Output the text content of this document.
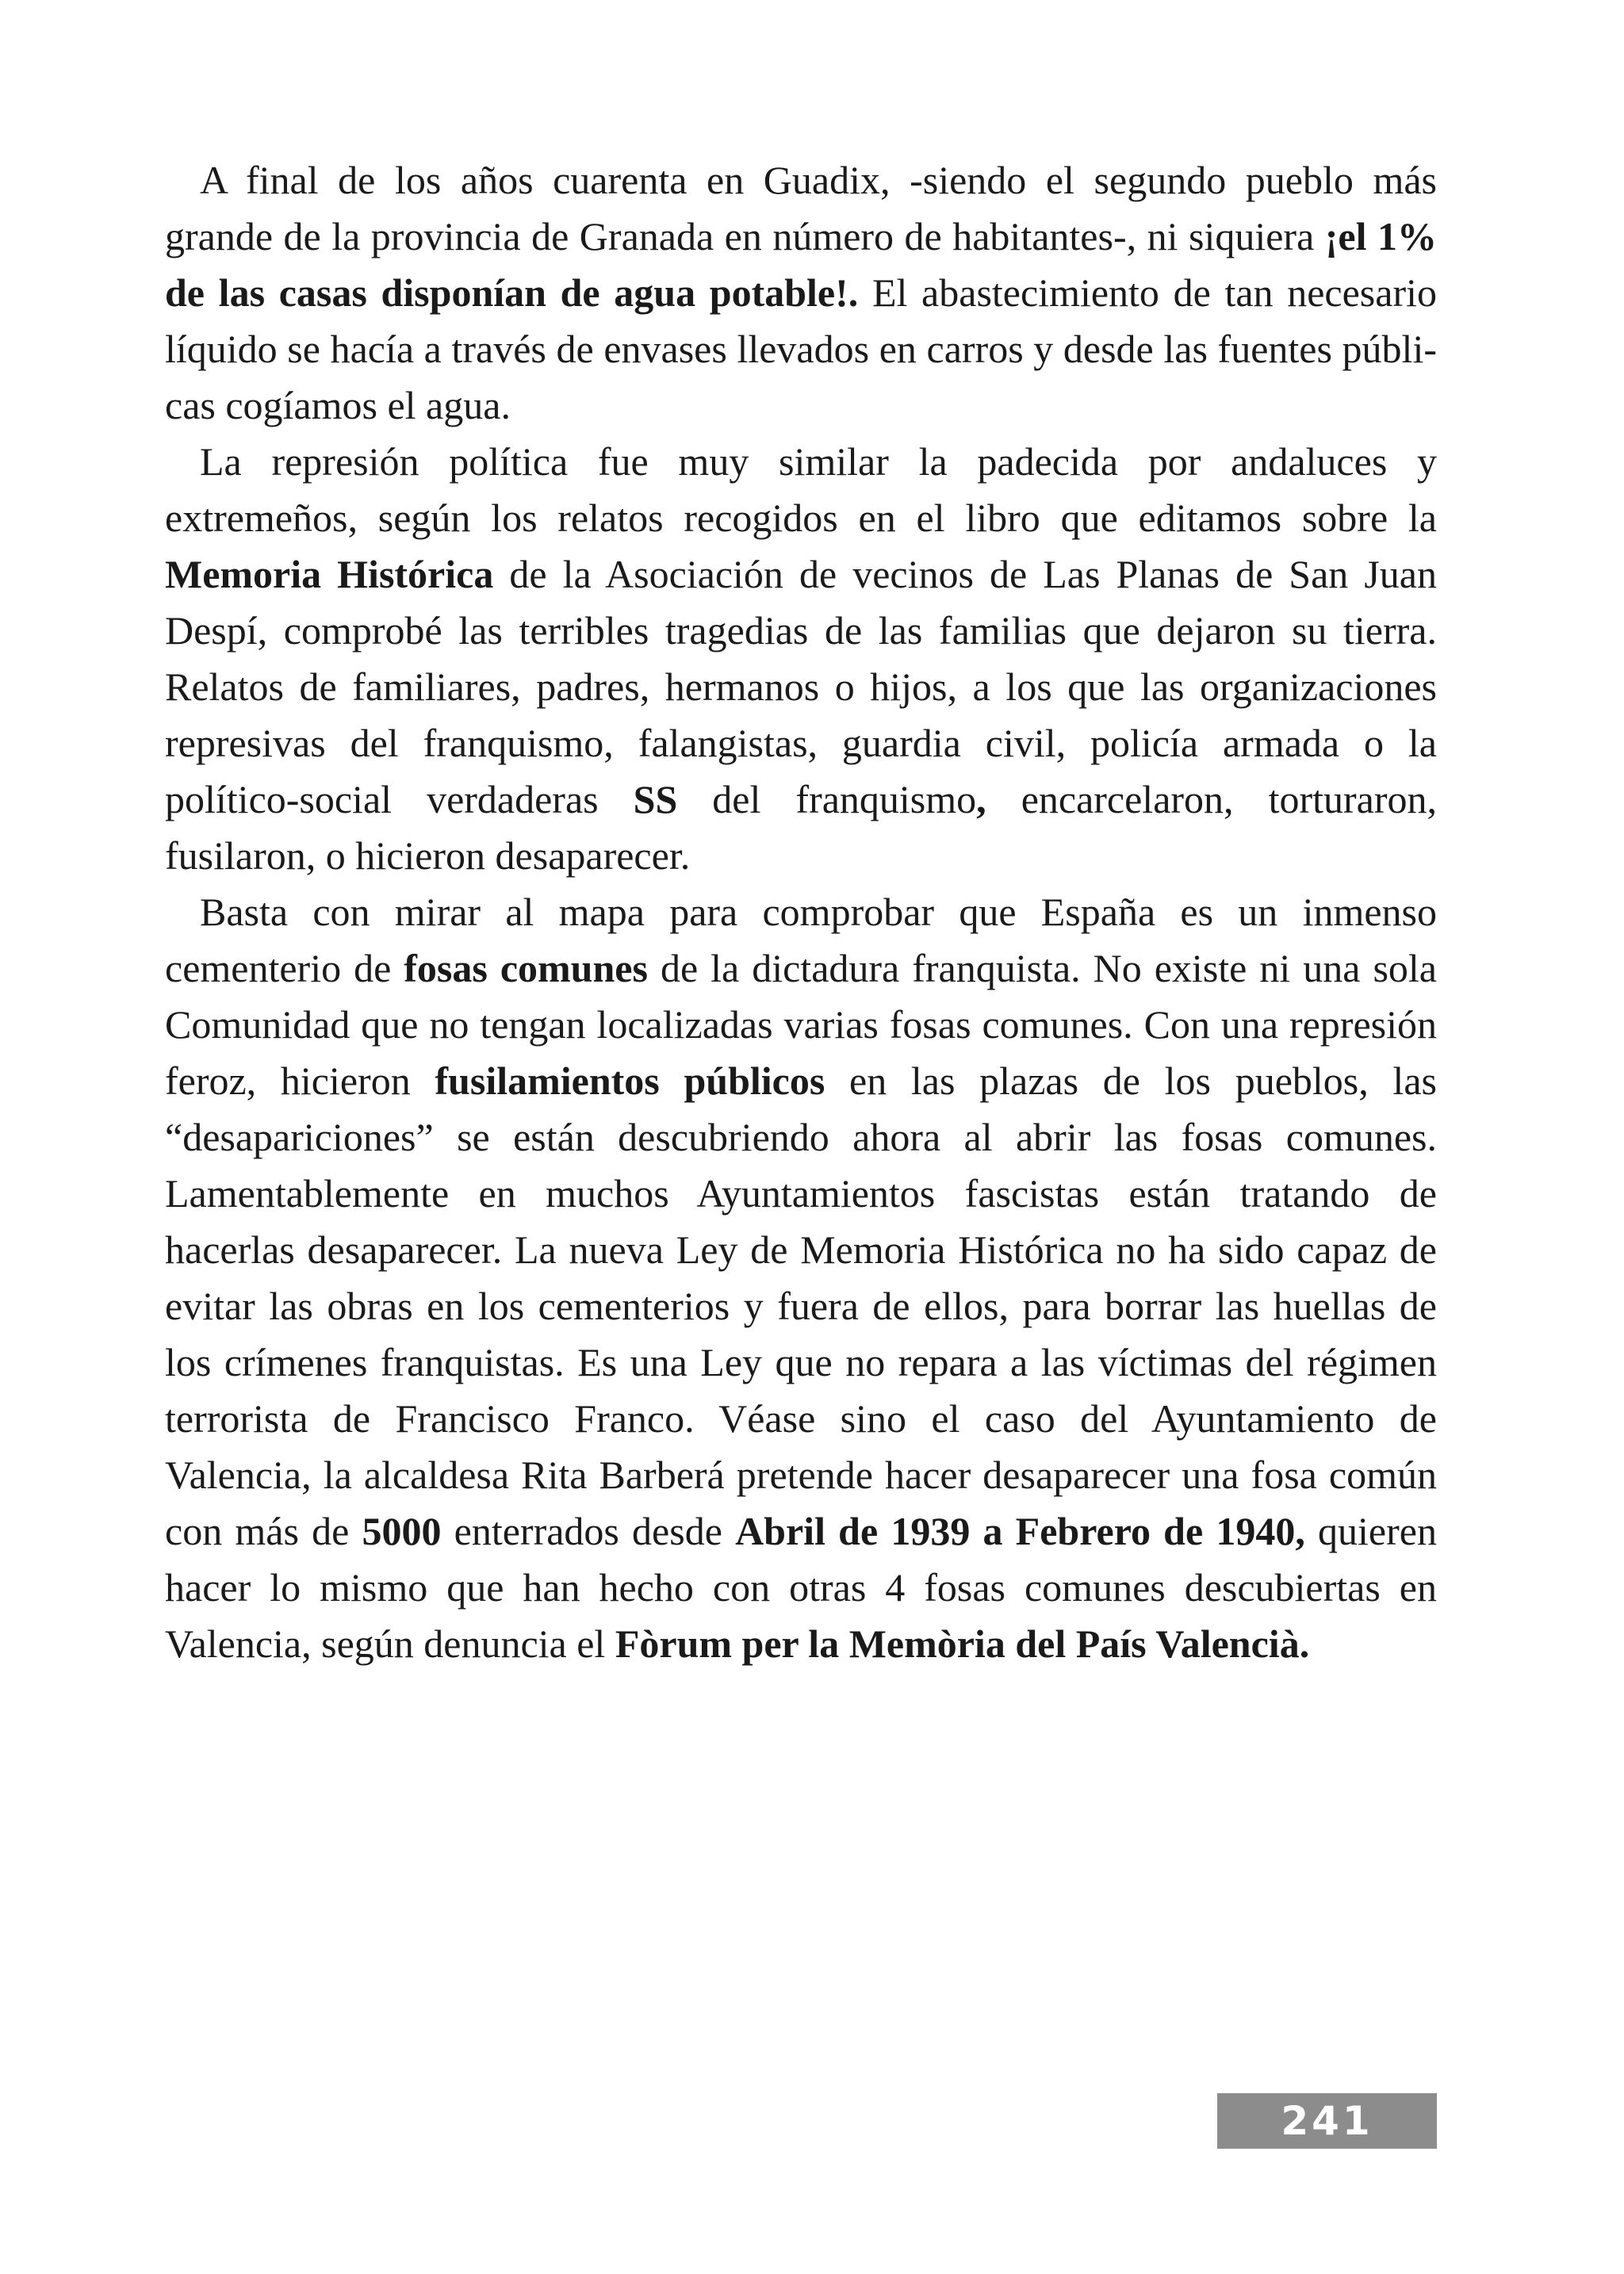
A final de los años cuarenta en Guadix, -siendo el segundo pueblo más grande de la provincia de Granada en número de habitantes-, ni siquiera ¡el 1% de las casas disponían de agua potable!. El abastecimiento de tan necesario líquido se hacía a través de envases llevados en carros y desde las fuentes públicas cogíamos el agua.

La represión política fue muy similar la padecida por andaluces y extremeños, según los relatos recogidos en el libro que editamos sobre la Memoria Histórica de la Asociación de vecinos de Las Planas de San Juan Despí, comprobé las terribles tragedias de las familias que dejaron su tierra. Relatos de familiares, padres, hermanos o hijos, a los que las organizaciones represivas del franquismo, falangistas, guardia civil, policía armada o la político-social verdaderas SS del franquismo, encarcelaron, torturaron, fusilaron, o hicieron desaparecer.

Basta con mirar al mapa para comprobar que España es un inmenso cementerio de fosas comunes de la dictadura franquista. No existe ni una sola Comunidad que no tengan localizadas varias fosas comunes. Con una represión feroz, hicieron fusilamientos públicos en las plazas de los pueblos, las “desapariciones” se están descubriendo ahora al abrir las fosas comunes. Lamentablemente en muchos Ayuntamientos fascistas están tratando de hacerlas desaparecer. La nueva Ley de Memoria Histórica no ha sido capaz de evitar las obras en los cementerios y fuera de ellos, para borrar las huellas de los crímenes franquistas. Es una Ley que no repara a las víctimas del régimen terrorista de Francisco Franco. Véase sino el caso del Ayuntamiento de Valencia, la alcaldesa Rita Barberá pretende hacer desaparecer una fosa común con más de 5000 enterrados desde Abril de 1939 a Febrero de 1940, quieren hacer lo mismo que han hecho con otras 4 fosas comunes descubiertas en Valencia, según denuncia el Fòrum per la Memòria del País Valencià.

241
